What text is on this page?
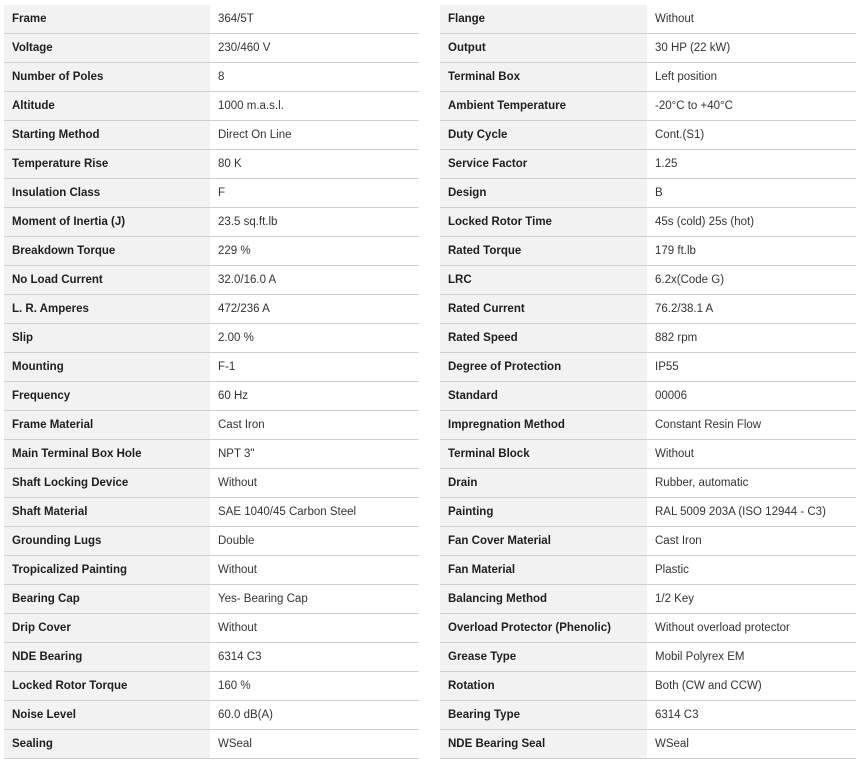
Frame	364/5T
Voltage	230/460 V
Number of Poles	8
Altitude	1000 m.a.s.l.
Starting Method	Direct On Line
Temperature Rise	80 K
Insulation Class	F
Moment of Inertia (J)	23.5 sq.ft.lb
Breakdown Torque	229 %
No Load Current	32.0/16.0 A
L. R. Amperes	472/236 A
Slip	2.00 %
Mounting	F-1
Frequency	60 Hz
Frame Material	Cast Iron
Main Terminal Box Hole	NPT 3"
Shaft Locking Device	Without
Shaft Material	SAE 1040/45 Carbon Steel
Grounding Lugs	Double
Tropicalized Painting	Without
Bearing Cap	Yes- Bearing Cap
Drip Cover	Without
NDE Bearing	6314 C3
Locked Rotor Torque	160 %
Noise Level	60.0 dB(A)
Sealing	WSeal
Flange	Without
Output	30 HP (22 kW)
Terminal Box	Left position
Ambient Temperature	-20°C to +40°C
Duty Cycle	Cont.(S1)
Service Factor	1.25
Design	B
Locked Rotor Time	45s (cold) 25s (hot)
Rated Torque	179 ft.lb
LRC	6.2x(Code G)
Rated Current	76.2/38.1 A
Rated Speed	882 rpm
Degree of Protection	IP55
Standard	00006
Impregnation Method	Constant Resin Flow
Terminal Block	Without
Drain	Rubber, automatic
Painting	RAL 5009 203A (ISO 12944 - C3)
Fan Cover Material	Cast Iron
Fan Material	Plastic
Balancing Method	1/2 Key
Overload Protector (Phenolic)	Without overload protector
Grease Type	Mobil Polyrex EM
Rotation	Both (CW and CCW)
Bearing Type	6314 C3
NDE Bearing Seal	WSeal
